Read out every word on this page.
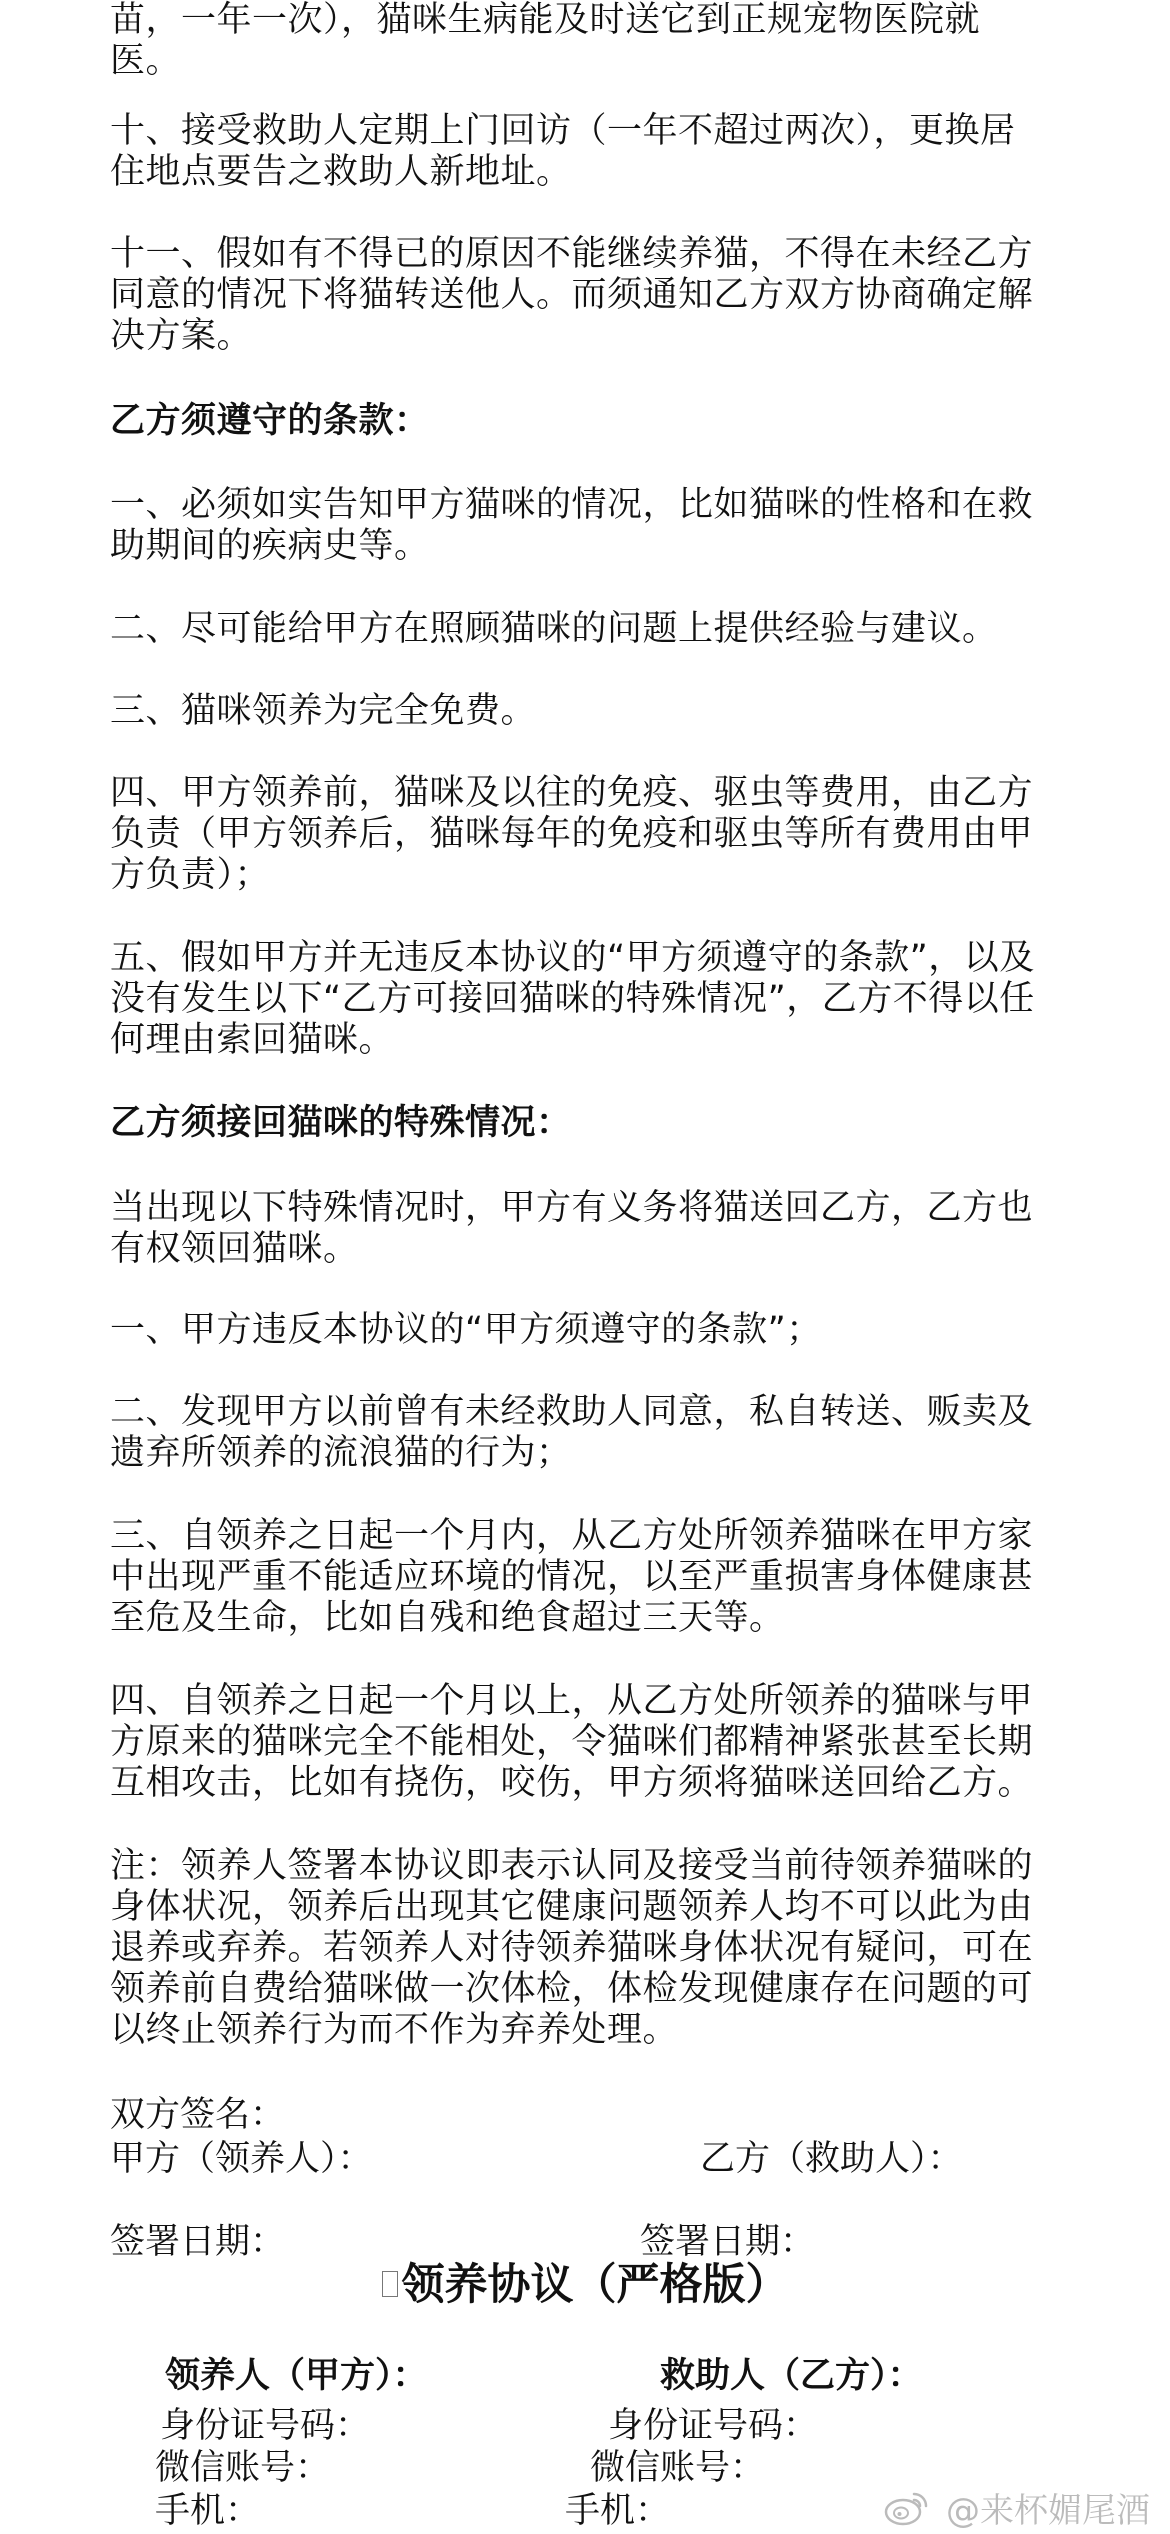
苗，一年一次），猫咪生病能及时送它到正规宠物医院就
医。

十、接受救助人定期上门回访（一年不超过两次），更换居
住地点要告之救助人新地址。

十一、假如有不得已的原因不能继续养猫，不得在未经乙方
同意的情况下将猫转送他人。而须通知乙方双方协商确定解
决方案。

乙方须遵守的条款：

一、必须如实告知甲方猫咪的情况，比如猫咪的性格和在救
助期间的疾病史等。

二、尽可能给甲方在照顾猫咪的问题上提供经验与建议。

三、猫咪领养为完全免费。

四、甲方领养前，猫咪及以往的免疫、驱虫等费用，由乙方
负责（甲方领养后，猫咪每年的免疫和驱虫等所有费用由甲
方负责）；

五、假如甲方并无违反本协议的“甲方须遵守的条款”，以及
没有发生以下“乙方可接回猫咪的特殊情况”，乙方不得以任
何理由索回猫咪。

乙方须接回猫咪的特殊情况：

当出现以下特殊情况时，甲方有义务将猫送回乙方，乙方也
有权领回猫咪。

一、甲方违反本协议的“甲方须遵守的条款”；

二、发现甲方以前曾有未经救助人同意，私自转送、贩卖及
遗弃所领养的流浪猫的行为；

三、自领养之日起一个月内，从乙方处所领养猫咪在甲方家
中出现严重不能适应环境的情况，以至严重损害身体健康甚
至危及生命，比如自残和绝食超过三天等。

四、自领养之日起一个月以上，从乙方处所领养的猫咪与甲
方原来的猫咪完全不能相处，令猫咪们都精神紧张甚至长期
互相攻击，比如有挠伤，咬伤，甲方须将猫咪送回给乙方。

注：领养人签署本协议即表示认同及接受当前待领养猫咪的
身体状况，领养后出现其它健康问题领养人均不可以此为由
退养或弃养。若领养人对待领养猫咪身体状况有疑问，可在
领养前自费给猫咪做一次体检，体检发现健康存在问题的可
以终止领养行为而不作为弃养处理。

双方签名：
甲方（领养人）：	乙方（救助人）：
签署日期：	签署日期：
领养协议（严格版）
领养人（甲方）：	救助人（乙方）：
身份证号码：	身份证号码：
微信账号：	微信账号：
手机：	手机：	@来杯媚尾酒
